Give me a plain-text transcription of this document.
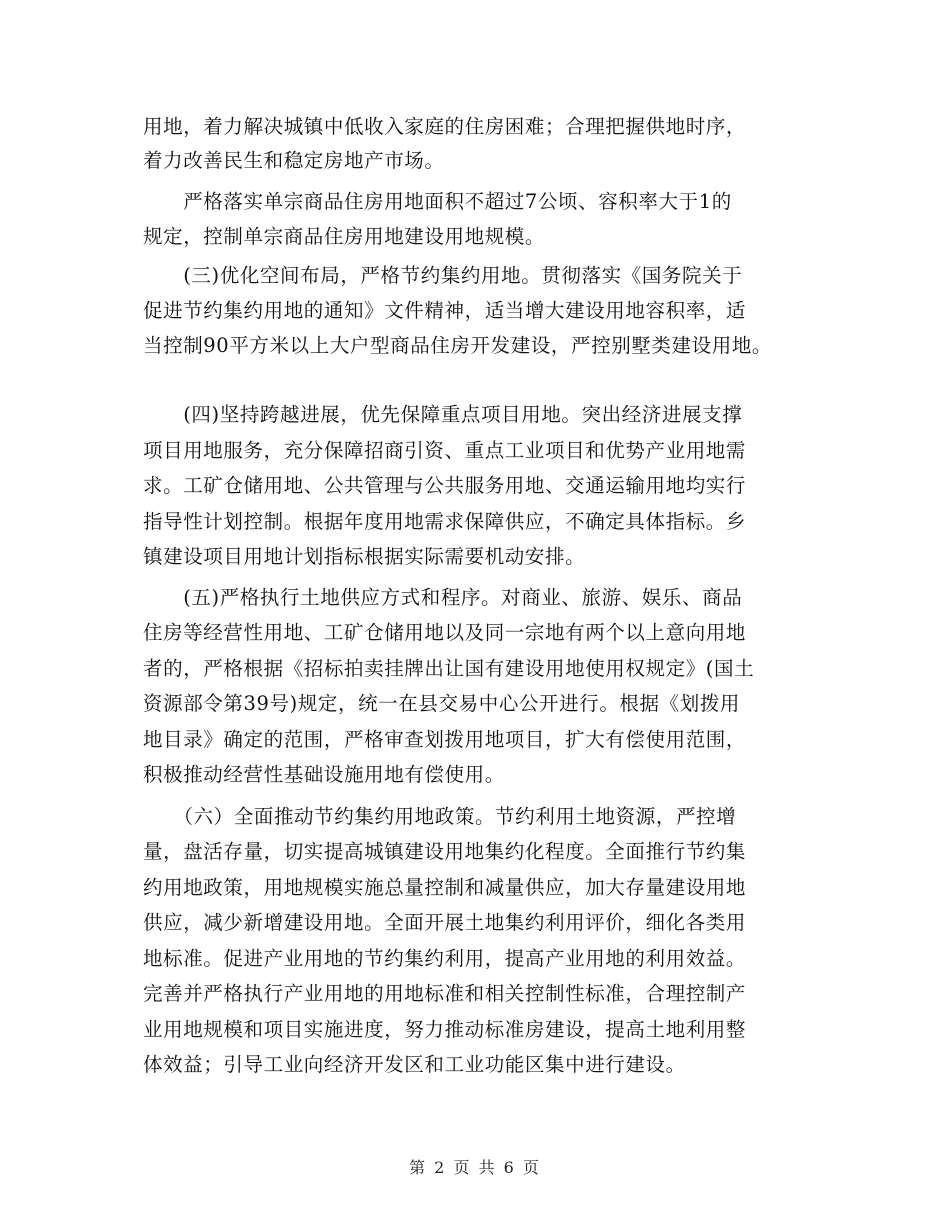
用地，着力解决城镇中低收入家庭的住房困难；合理把握供地时序，
着力改善民生和稳定房地产市场。
　　严格落实单宗商品住房用地面积不超过7公顷、容积率大于1的
规定，控制单宗商品住房用地建设用地规模。
　　(三)优化空间布局，严格节约集约用地。贯彻落实《国务院关于
促进节约集约用地的通知》文件精神，适当增大建设用地容积率，适
当控制90平方米以上大户型商品住房开发建设，严控别墅类建设用地。
　　(四)坚持跨越进展，优先保障重点项目用地。突出经济进展支撑
项目用地服务，充分保障招商引资、重点工业项目和优势产业用地需
求。工矿仓储用地、公共管理与公共服务用地、交通运输用地均实行
指导性计划控制。根据年度用地需求保障供应，不确定具体指标。乡
镇建设项目用地计划指标根据实际需要机动安排。
　　(五)严格执行土地供应方式和程序。对商业、旅游、娱乐、商品
住房等经营性用地、工矿仓储用地以及同一宗地有两个以上意向用地
者的，严格根据《招标拍卖挂牌出让国有建设用地使用权规定》(国土
资源部令第39号)规定，统一在县交易中心公开进行。根据《划拨用
地目录》确定的范围，严格审查划拨用地项目，扩大有偿使用范围，
积极推动经营性基础设施用地有偿使用。
　　（六）全面推动节约集约用地政策。节约利用土地资源，严控增
量，盘活存量，切实提高城镇建设用地集约化程度。全面推行节约集
约用地政策，用地规模实施总量控制和减量供应，加大存量建设用地
供应，减少新增建设用地。全面开展土地集约利用评价，细化各类用
地标准。促进产业用地的节约集约利用，提高产业用地的利用效益。
完善并严格执行产业用地的用地标准和相关控制性标准，合理控制产
业用地规模和项目实施进度，努力推动标准房建设，提高土地利用整
体效益；引导工业向经济开发区和工业功能区集中进行建设。
第 2 页 共 6 页
